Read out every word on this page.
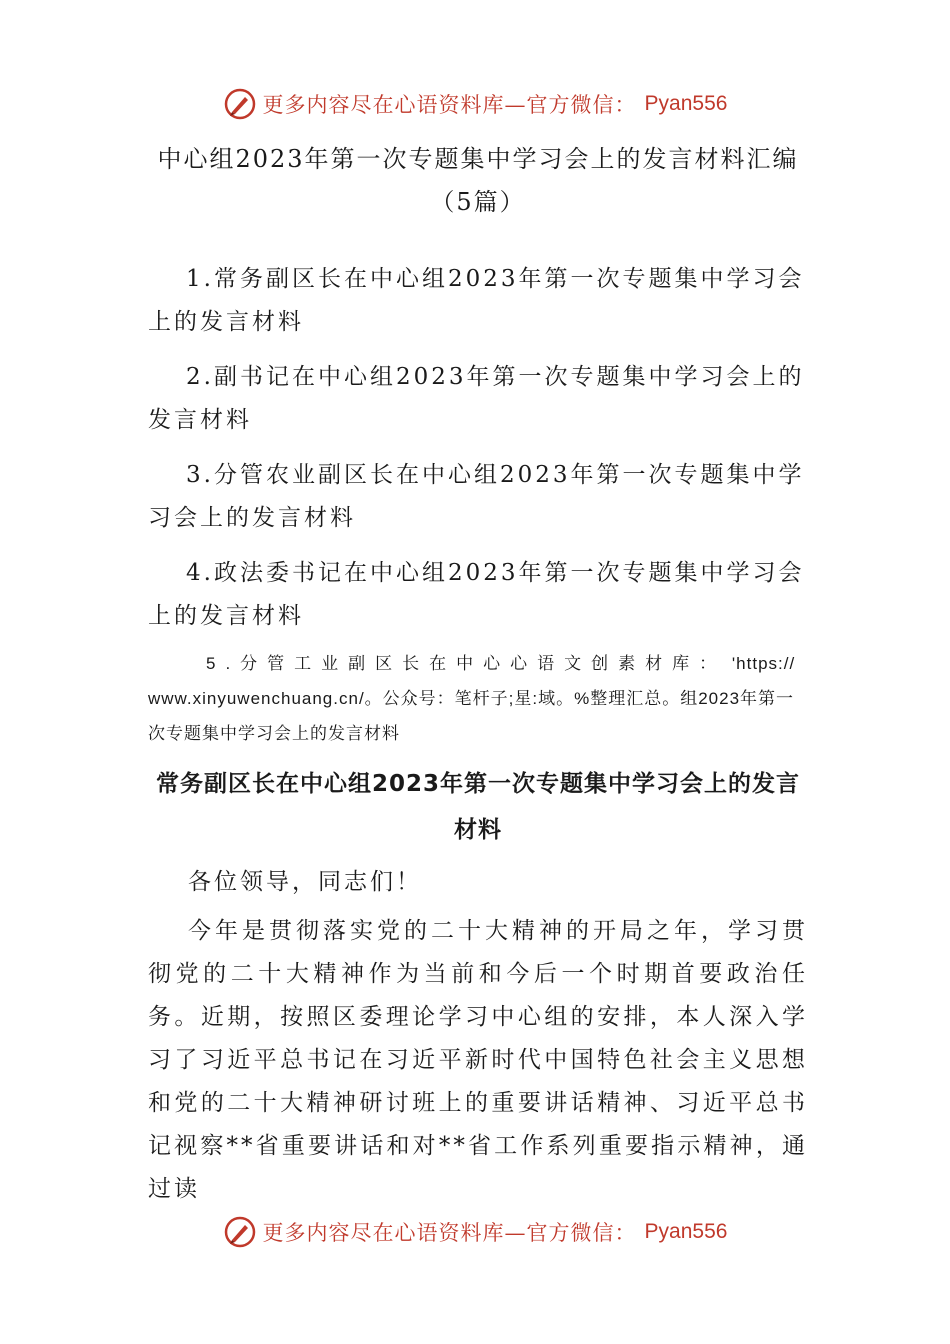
更多内容尽在心语资料库—官方微信： Pyan556
中心组2023年第一次专题集中学习会上的发言材料汇编（5篇）
1.常务副区长在中心组2023年第一次专题集中学习会上的发言材料
2.副书记在中心组2023年第一次专题集中学习会上的发言材料
3.分管农业副区长在中心组2023年第一次专题集中学习会上的发言材料
4.政法委书记在中心组2023年第一次专题集中学习会上的发言材料
5.分管工业副区长在中心心语文创素材库： 'https://www.xinyuwenchuang.cn/。公众号：笔杆子;星:域。%整理汇总。组2023年第一次专题集中学习会上的发言材料
常务副区长在中心组2023年第一次专题集中学习会上的发言材料
各位领导，同志们！
今年是贯彻落实党的二十大精神的开局之年，学习贯彻党的二十大精神作为当前和今后一个时期首要政治任务。近期，按照区委理论学习中心组的安排，本人深入学习了习近平总书记在习近平新时代中国特色社会主义思想和党的二十大精神研讨班上的重要讲话精神、习近平总书记视察**省重要讲话和对**省工作系列重要指示精神，通过读
更多内容尽在心语资料库—官方微信： Pyan556
